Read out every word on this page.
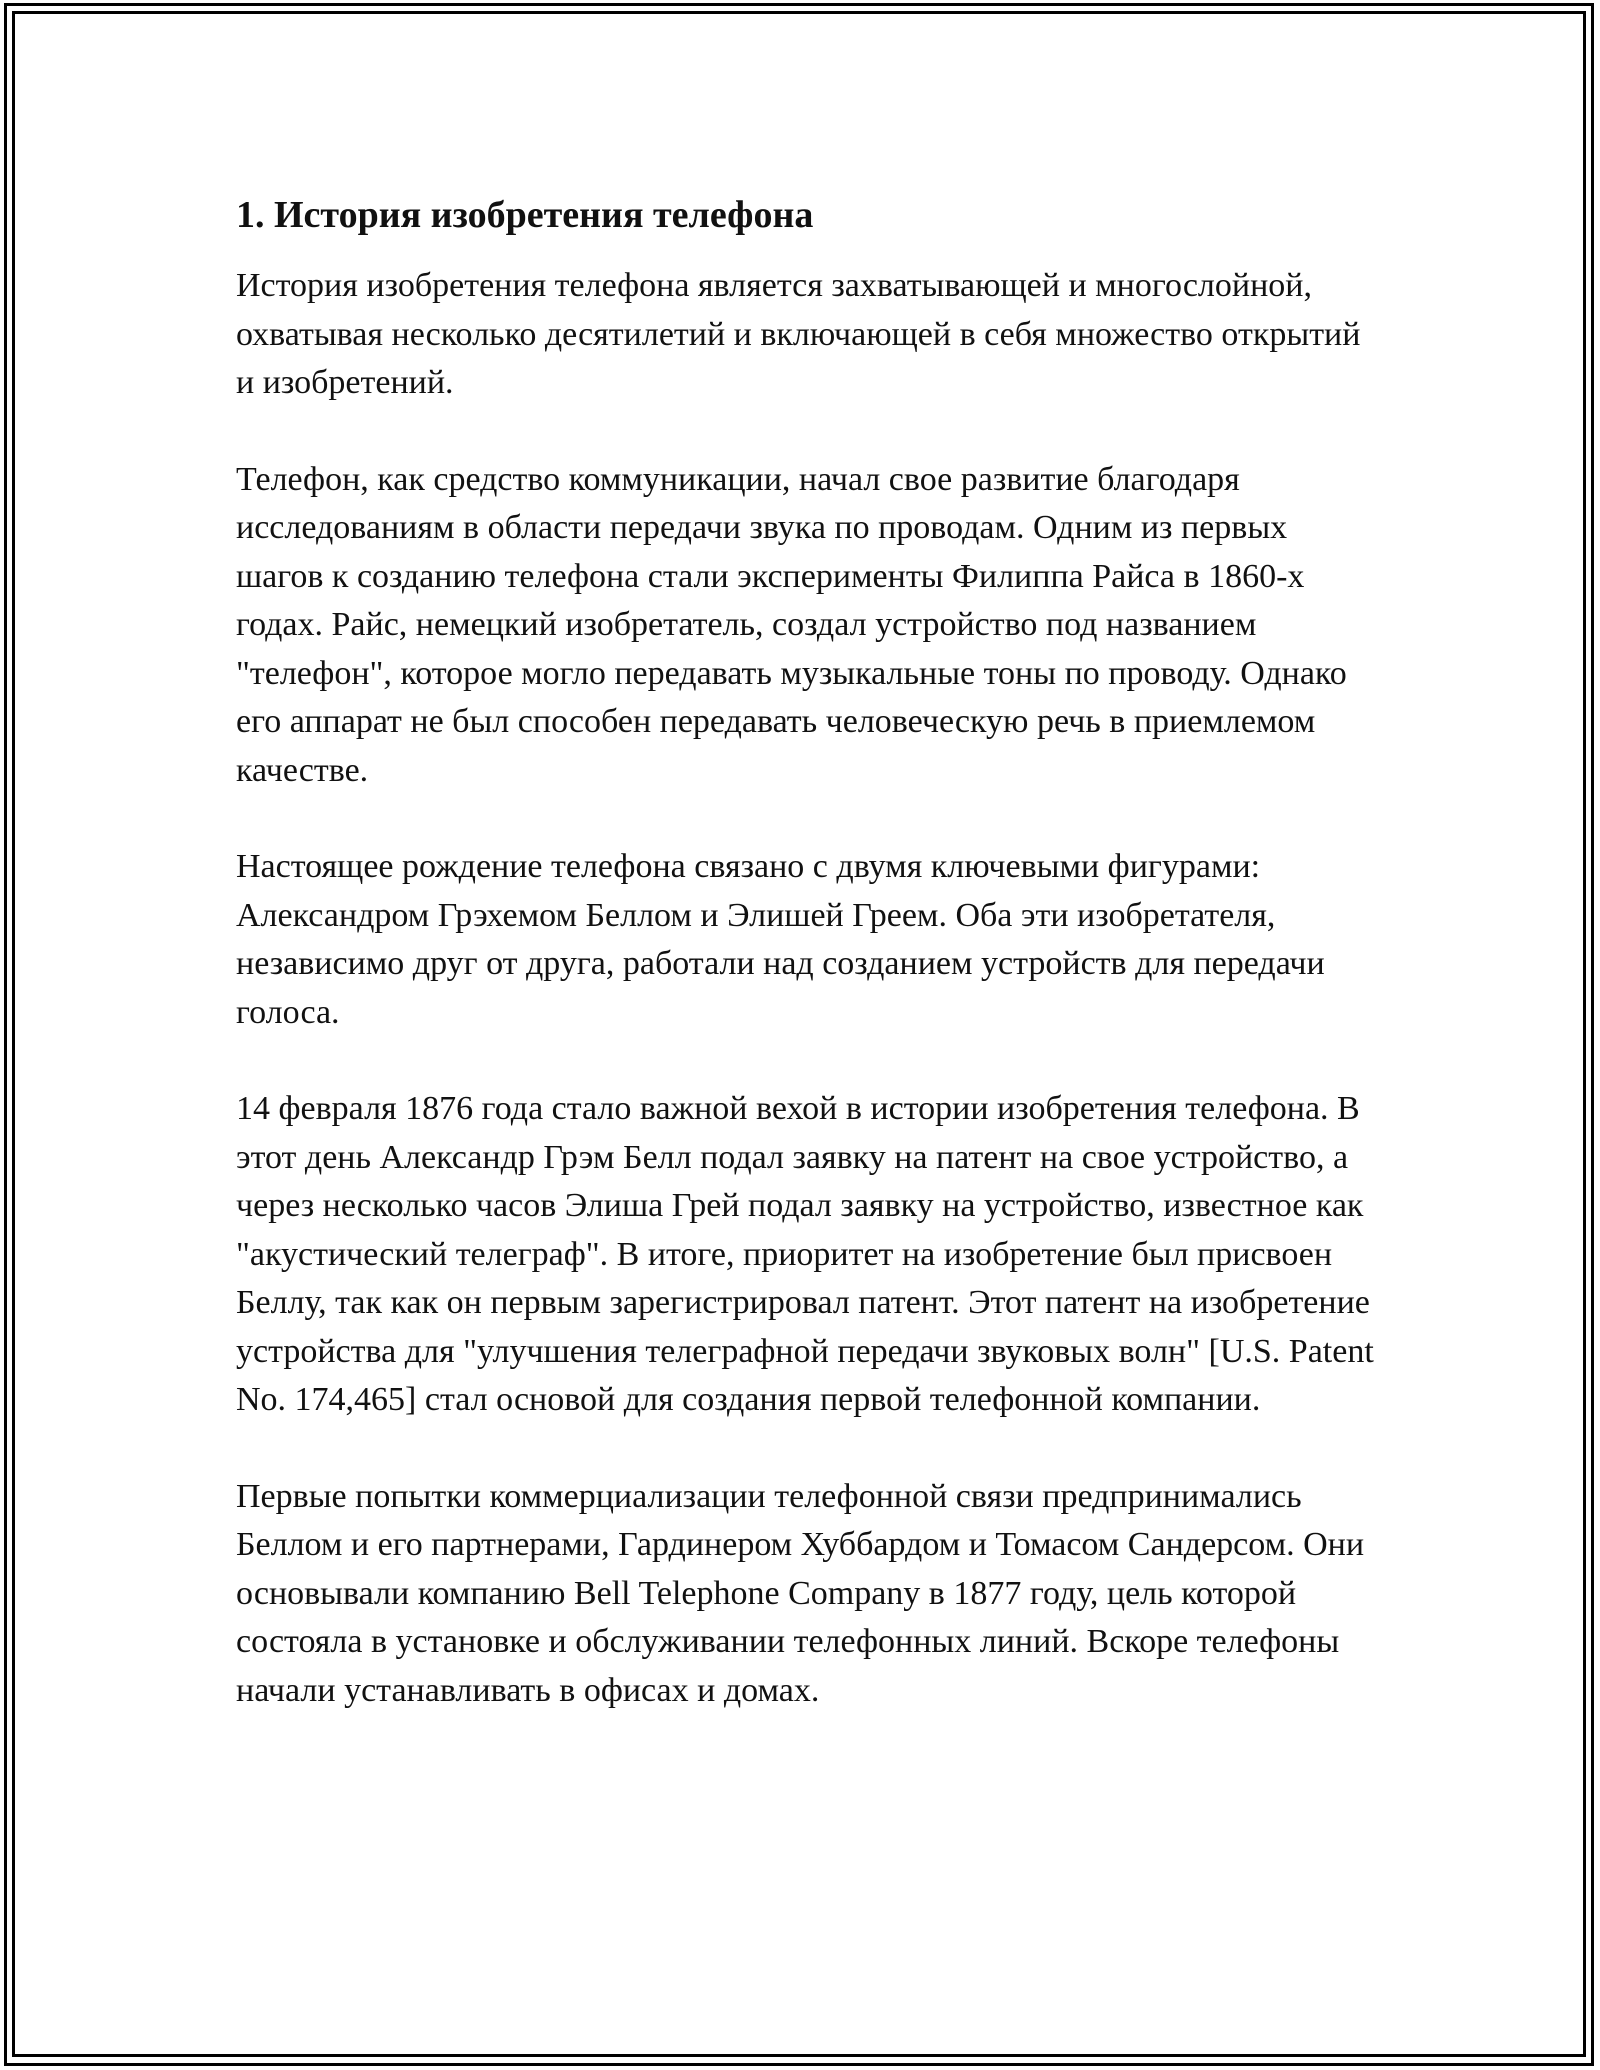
1. История изобретения телефона

История изобретения телефона является захватывающей и многослойной, охватывая несколько десятилетий и включающей в себя множество открытий и изобретений.

Телефон, как средство коммуникации, начал свое развитие благодаря исследованиям в области передачи звука по проводам. Одним из первых шагов к созданию телефона стали эксперименты Филиппа Райса в 1860-х годах. Райс, немецкий изобретатель, создал устройство под названием "телефон", которое могло передавать музыкальные тоны по проводу. Однако его аппарат не был способен передавать человеческую речь в приемлемом качестве.

Настоящее рождение телефона связано с двумя ключевыми фигурами: Александром Грэхемом Беллом и Элишей Греем. Оба эти изобретателя, независимо друг от друга, работали над созданием устройств для передачи голоса.

14 февраля 1876 года стало важной вехой в истории изобретения телефона. В этот день Александр Грэм Белл подал заявку на патент на свое устройство, а через несколько часов Элиша Грей подал заявку на устройство, известное как "акустический телеграф". В итоге, приоритет на изобретение был присвоен Беллу, так как он первым зарегистрировал патент. Этот патент на изобретение устройства для "улучшения телеграфной передачи звуковых волн" [U.S. Patent No. 174,465] стал основой для создания первой телефонной компании.

Первые попытки коммерциализации телефонной связи предпринимались Беллом и его партнерами, Гардинером Хуббардом и Томасом Сандерсом. Они основывали компанию Bell Telephone Company в 1877 году, цель которой состояла в установке и обслуживании телефонных линий. Вскоре телефоны начали устанавливать в офисах и домах.
